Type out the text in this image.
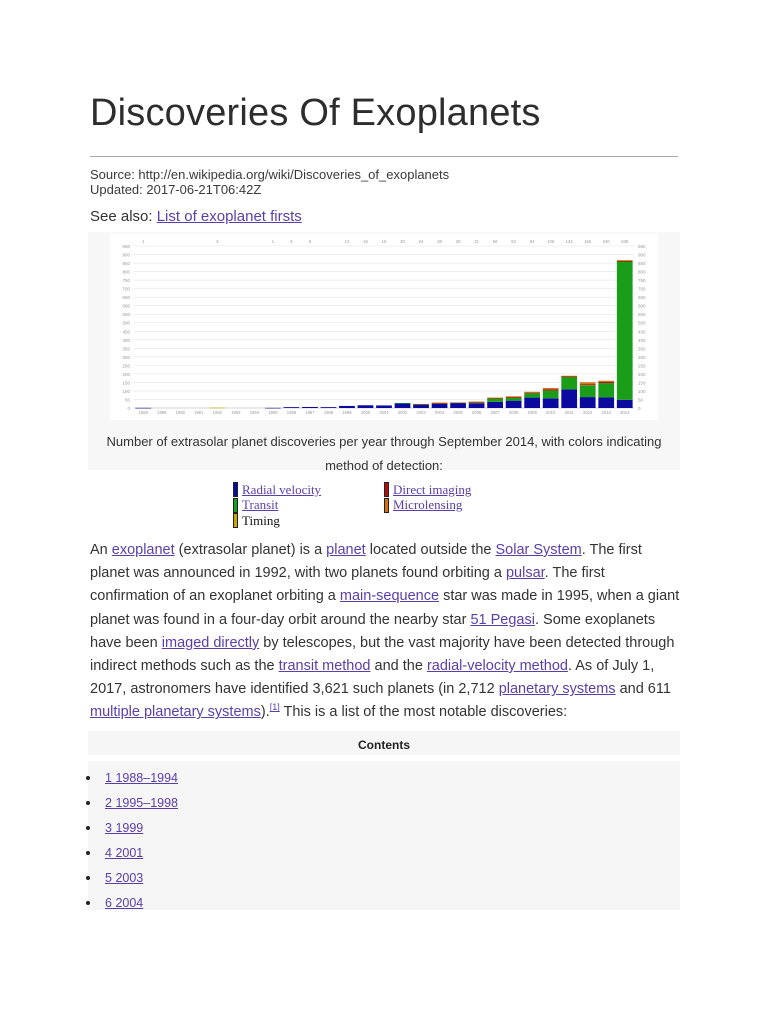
Discoveries Of Exoplanets
Source: http://en.wikipedia.org/wiki/Discoveries_of_exoplanets
Updated: 2017-06-21T06:42Z
See also: List of exoplanet firsts
0	0
50	50
100	100
150	150
200	200
250	250
300	300
350	350
400	400
450	450
500	500
550	550
600	600
650	650
700	700
750	750
800	800
850	850
900	900
950	950
1988
1
1989 1990 1991 1992
2
1993 1994 1995
1
1996
5
1997
6
1998 1999
12
2000
16
2001
16
2002
30
2003
24
2004
28
2005
30
2006
31
2007
66
2008
62
2009
94
2010
106
2011
134
2012
155
2013
240
2014
835
Number of extrasolar planet discoveries per year through September 2014, with colors indicating
method of detection:
Radial velocity
Transit
Timing
Direct imaging
Microlensing

An exoplanet (extrasolar planet) is a planet located outside the Solar System. The first planet was announced in 1992, with two planets found orbiting a pulsar. The first confirmation of an exoplanet orbiting a main-sequence star was made in 1995, when a giant planet was found in a four-day orbit around the nearby star 51 Pegasi. Some exoplanets have been imaged directly by telescopes, but the vast majority have been detected through indirect methods such as the transit method and the radial-velocity method. As of July 1, 2017, astronomers have identified 3,621 such planets (in 2,712 planetary systems and 611 multiple planetary systems).[1] This is a list of the most notable discoveries:

Contents
1 1988–1994
2 1995–1998
3 1999
4 2001
5 2003
6 2004
